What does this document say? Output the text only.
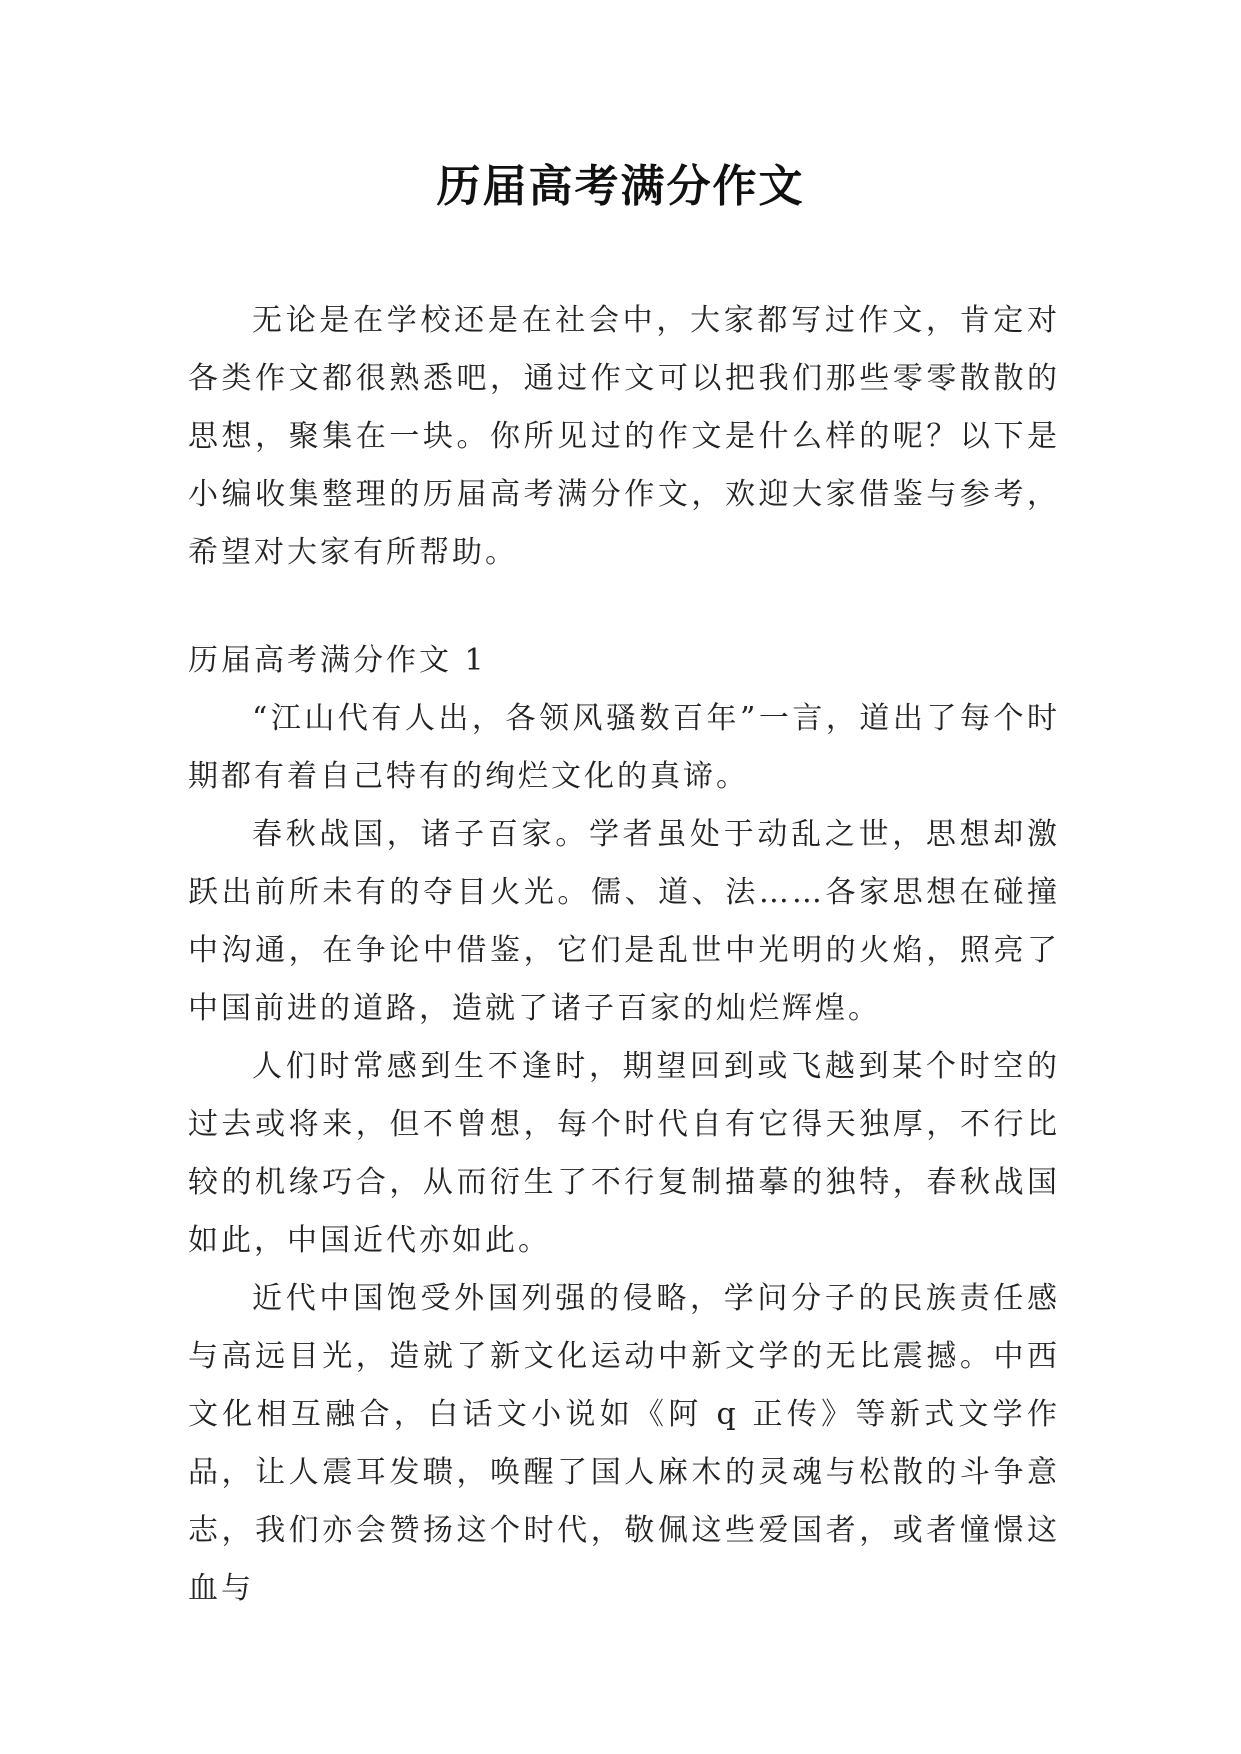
历届高考满分作文

无论是在学校还是在社会中，大家都写过作文，肯定对各类作文都很熟悉吧，通过作文可以把我们那些零零散散的思想，聚集在一块。你所见过的作文是什么样的呢？以下是小编收集整理的历届高考满分作文，欢迎大家借鉴与参考，希望对大家有所帮助。

历届高考满分作文 1

“江山代有人出，各领风骚数百年”一言，道出了每个时期都有着自己特有的绚烂文化的真谛。

春秋战国，诸子百家。学者虽处于动乱之世，思想却激跃出前所未有的夺目火光。儒、道、法……各家思想在碰撞中沟通，在争论中借鉴，它们是乱世中光明的火焰，照亮了中国前进的道路，造就了诸子百家的灿烂辉煌。

人们时常感到生不逢时，期望回到或飞越到某个时空的过去或将来，但不曾想，每个时代自有它得天独厚，不行比较的机缘巧合，从而衍生了不行复制描摹的独特，春秋战国如此，中国近代亦如此。

近代中国饱受外国列强的侵略，学问分子的民族责任感与高远目光，造就了新文化运动中新文学的无比震撼。中西文化相互融合，白话文小说如《阿 q 正传》等新式文学作品，让人震耳发聩，唤醒了国人麻木的灵魂与松散的斗争意志，我们亦会赞扬这个时代，敬佩这些爱国者，或者憧憬这血与
